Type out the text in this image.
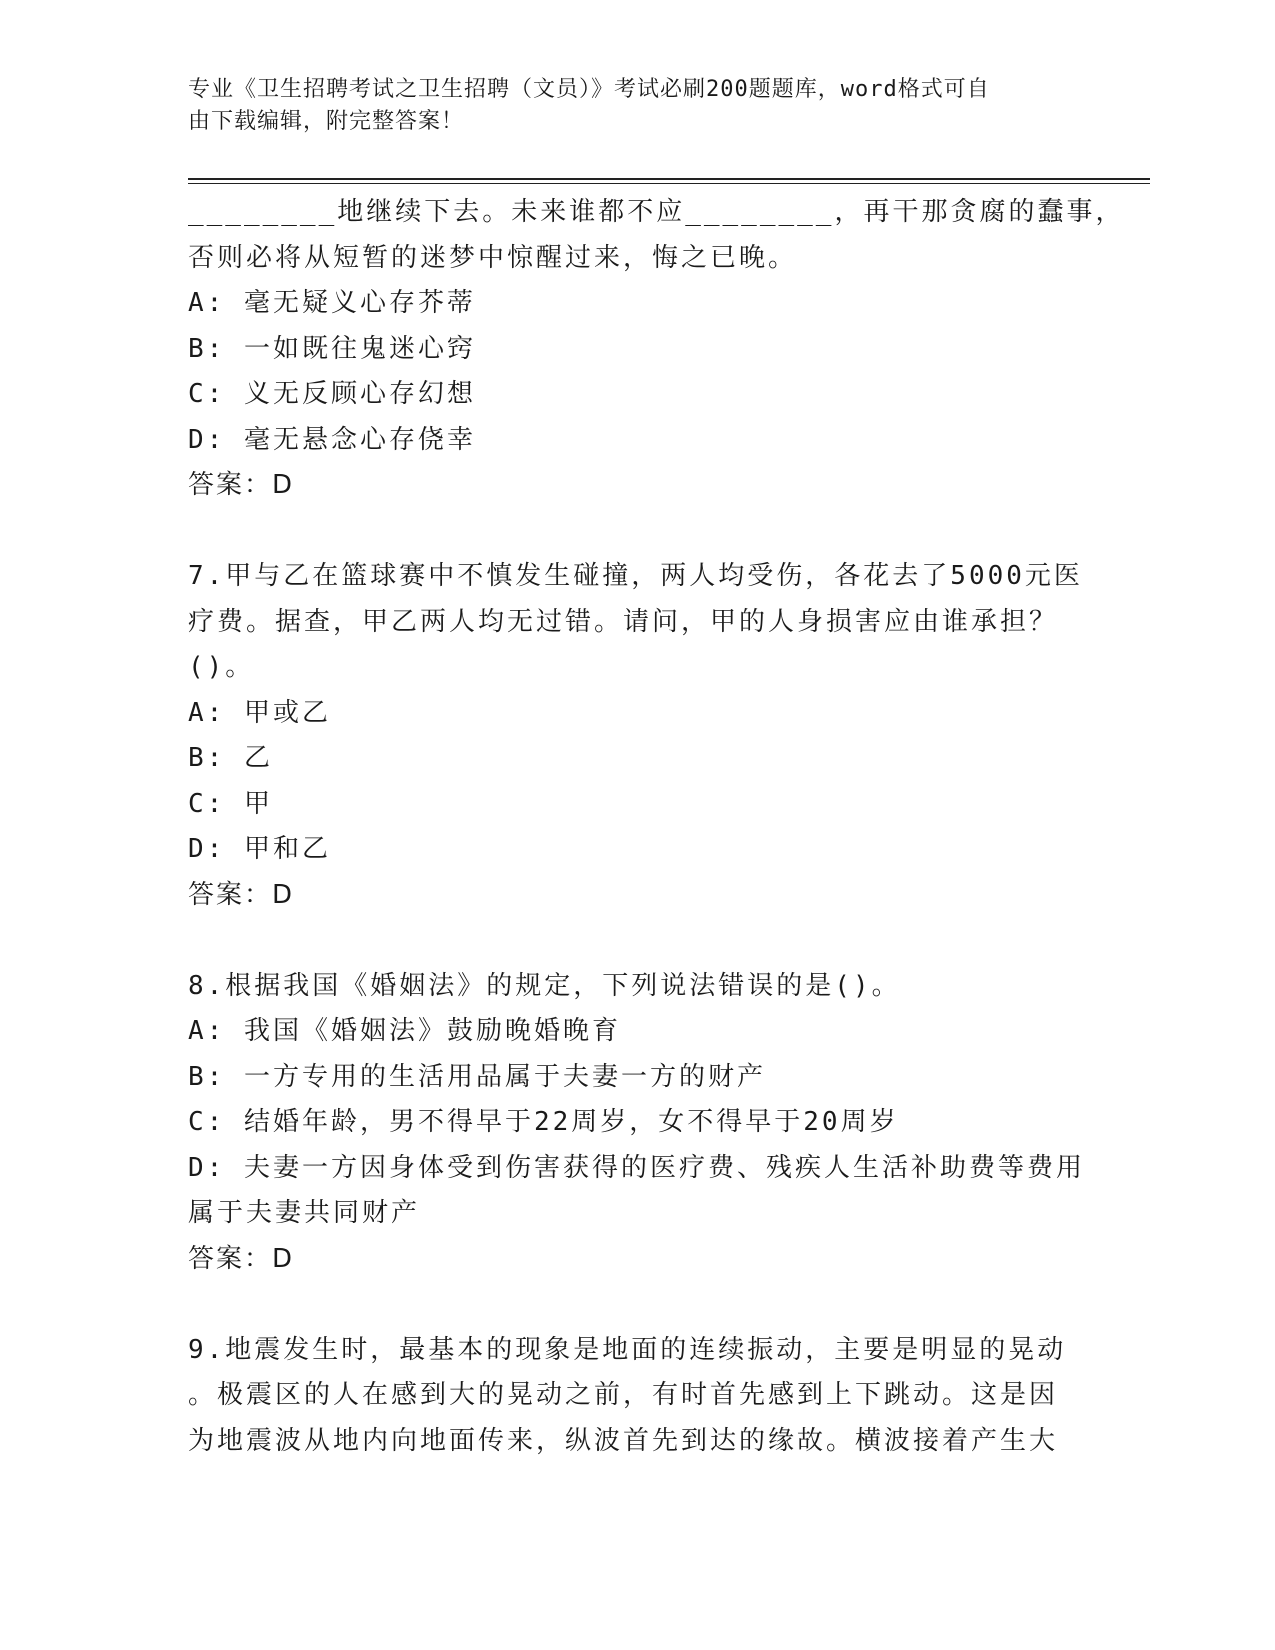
专业《卫生招聘考试之卫生招聘（文员）》考试必刷200题题库，word格式可自
由下载编辑，附完整答案！
________地继续下去。未来谁都不应________，再干那贪腐的蠢事，
否则必将从短暂的迷梦中惊醒过来，悔之已晚。
A: 毫无疑义心存芥蒂
B: 一如既往鬼迷心窍
C: 义无反顾心存幻想
D: 毫无悬念心存侥幸
答案：D
7.甲与乙在篮球赛中不慎发生碰撞，两人均受伤，各花去了5000元医
疗费。据查，甲乙两人均无过错。请问，甲的人身损害应由谁承担？
()。
A: 甲或乙
B: 乙
C: 甲
D: 甲和乙
答案：D
8.根据我国《婚姻法》的规定，下列说法错误的是()。
A: 我国《婚姻法》鼓励晚婚晚育
B: 一方专用的生活用品属于夫妻一方的财产
C: 结婚年龄，男不得早于22周岁，女不得早于20周岁
D: 夫妻一方因身体受到伤害获得的医疗费、残疾人生活补助费等费用
属于夫妻共同财产
答案：D
9.地震发生时，最基本的现象是地面的连续振动，主要是明显的晃动
。极震区的人在感到大的晃动之前，有时首先感到上下跳动。这是因
为地震波从地内向地面传来，纵波首先到达的缘故。横波接着产生大
